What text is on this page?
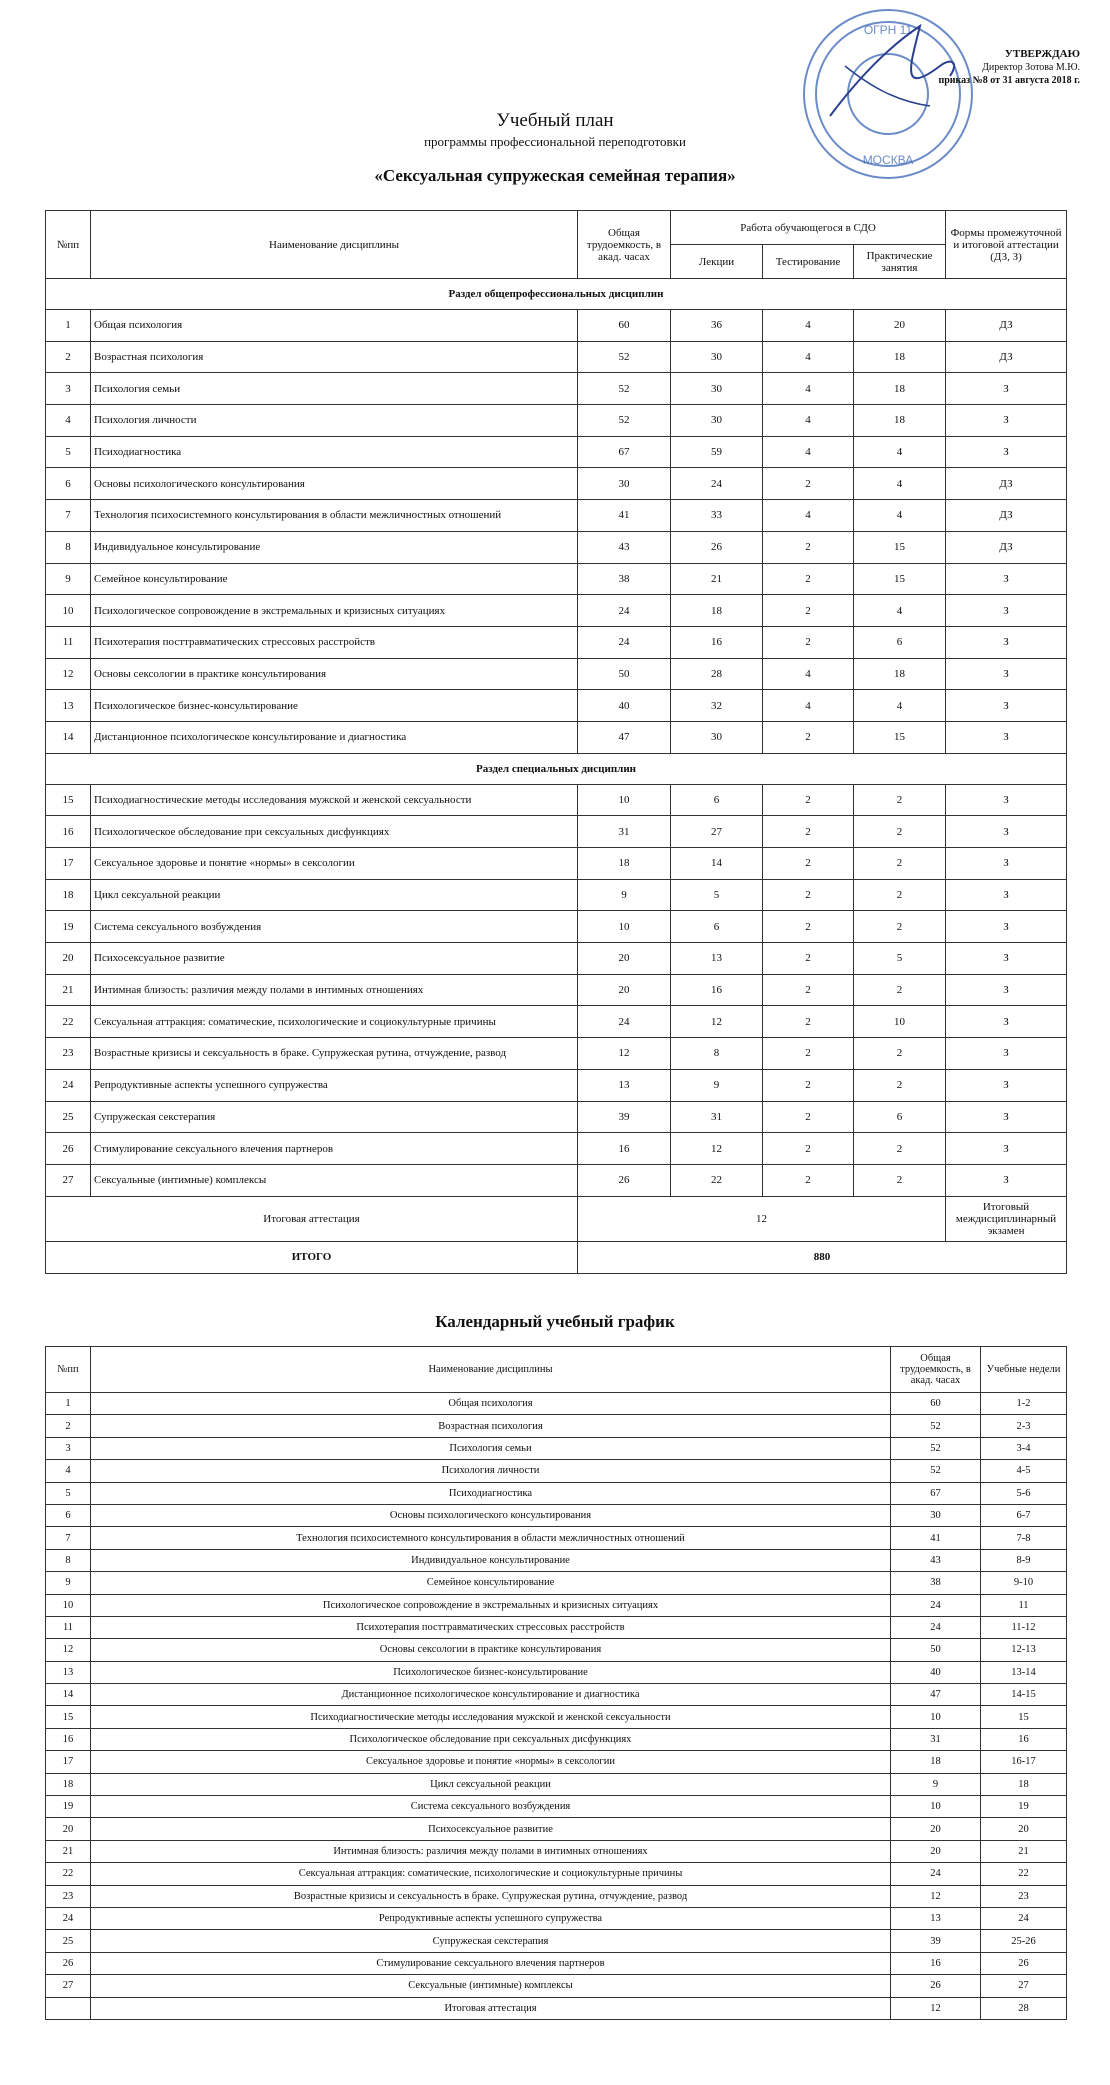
ОГРН 11
МОСКВА
УТВЕРЖДАЮ
Директор Зотова М.Ю.
приказ №8 от 31 августа 2018 г.
Учебный план
программы профессиональной переподготовки
«Сексуальная супружеская семейная терапия»
№пп	Наименование дисциплины	Общая трудоемкость, в акад. часах	Работа обучающегося в СДО			Формы промежуточной и итоговой аттестации (ДЗ, З)
			Лекции	Тестирование	Практические занятия	
Раздел общепрофессиональных дисциплин						
1	Общая психология	60	36	4	20	ДЗ
2	Возрастная психология	52	30	4	18	ДЗ
3	Психология семьи	52	30	4	18	З
4	Психология личности	52	30	4	18	З
5	Психодиагностика	67	59	4	4	З
6	Основы психологического консультирования	30	24	2	4	ДЗ
7	Технология психосистемного консультирования в области межличностных отношений	41	33	4	4	ДЗ
8	Индивидуальное консультирование	43	26	2	15	ДЗ
9	Семейное консультирование	38	21	2	15	З
10	Психологическое сопровождение в экстремальных и кризисных ситуациях	24	18	2	4	З
11	Психотерапия посттравматических стрессовых расстройств	24	16	2	6	З
12	Основы сексологии в практике консультирования	50	28	4	18	З
13	Психологическое бизнес-консультирование	40	32	4	4	З
14	Дистанционное психологическое консультирование и диагностика	47	30	2	15	З
Раздел специальных дисциплин						
15	Психодиагностические методы исследования мужской и женской сексуальности	10	6	2	2	З
16	Психологическое обследование при сексуальных дисфункциях	31	27	2	2	З
17	Сексуальное здоровье и понятие «нормы» в сексологии	18	14	2	2	З
18	Цикл сексуальной реакции	9	5	2	2	З
19	Система сексуального возбуждения	10	6	2	2	З
20	Психосексуальное развитие	20	13	2	5	З
21	Интимная близость: различия между полами в интимных отношениях	20	16	2	2	З
22	Сексуальная аттракция: соматические, психологические и социокультурные причины	24	12	2	10	З
23	Возрастные кризисы и сексуальность в браке. Супружеская рутина, отчуждение, развод	12	8	2	2	З
24	Репродуктивные аспекты успешного супружества	13	9	2	2	З
25	Супружеская секстерапия	39	31	2	6	З
26	Стимулирование сексуального влечения партнеров	16	12	2	2	З
27	Сексуальные (интимные) комплексы	26	22	2	2	З
Итоговая аттестация		12				Итоговый междисциплинарный экзамен
ИТОГО		880				
Календарный учебный график
№пп	Наименование дисциплины	Общая трудоемкость, в акад. часах	Учебные недели
1	Общая психология	60	1-2
2	Возрастная психология	52	2-3
3	Психология семьи	52	3-4
4	Психология личности	52	4-5
5	Психодиагностика	67	5-6
6	Основы психологического консультирования	30	6-7
7	Технология психосистемного консультирования в области межличностных отношений	41	7-8
8	Индивидуальное консультирование	43	8-9
9	Семейное консультирование	38	9-10
10	Психологическое сопровождение в экстремальных и кризисных ситуациях	24	11
11	Психотерапия посттравматических стрессовых расстройств	24	11-12
12	Основы сексологии в практике консультирования	50	12-13
13	Психологическое бизнес-консультирование	40	13-14
14	Дистанционное психологическое консультирование и диагностика	47	14-15
15	Психодиагностические методы исследования мужской и женской сексуальности	10	15
16	Психологическое обследование при сексуальных дисфункциях	31	16
17	Сексуальное здоровье и понятие «нормы» в сексологии	18	16-17
18	Цикл сексуальной реакции	9	18
19	Система сексуального возбуждения	10	19
20	Психосексуальное развитие	20	20
21	Интимная близость: различия между полами в интимных отношениях	20	21
22	Сексуальная аттракция: соматические, психологические и социокультурные причины	24	22
23	Возрастные кризисы и сексуальность в браке. Супружеская рутина, отчуждение, развод	12	23
24	Репродуктивные аспекты успешного супружества	13	24
25	Супружеская секстерапия	39	25-26
26	Стимулирование сексуального влечения партнеров	16	26
27	Сексуальные (интимные) комплексы	26	27
	Итоговая аттестация	12	28
